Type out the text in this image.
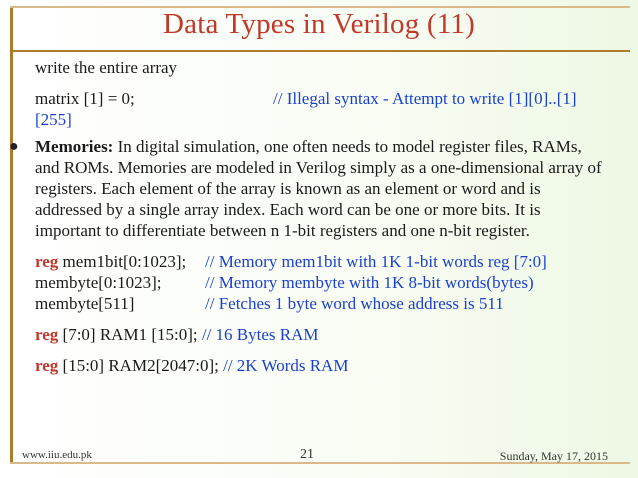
Data Types in Verilog (11)
write the entire array
matrix [1] = 0;	// Illegal syntax - Attempt to write [1][0]..[1]
[255]
● Memories: In digital simulation, one often needs to model register files, RAMs, and ROMs. Memories are modeled in Verilog simply as a one-dimensional array of registers. Each element of the array is known as an element or word and is addressed by a single array index. Each word can be one or more bits. It is important to differentiate between n 1-bit registers and one n-bit register.
reg mem1bit[0:1023]; // Memory mem1bit with 1K 1-bit words reg [7:0]
membyte[0:1023];	// Memory membyte with 1K 8-bit words(bytes)
membyte[511]	// Fetches 1 byte word whose address is 511
reg [7:0] RAM1 [15:0]; // 16 Bytes RAM
reg [15:0] RAM2[2047:0]; // 2K Words RAM
www.iiu.edu.pk	21	Sunday, May 17, 2015
